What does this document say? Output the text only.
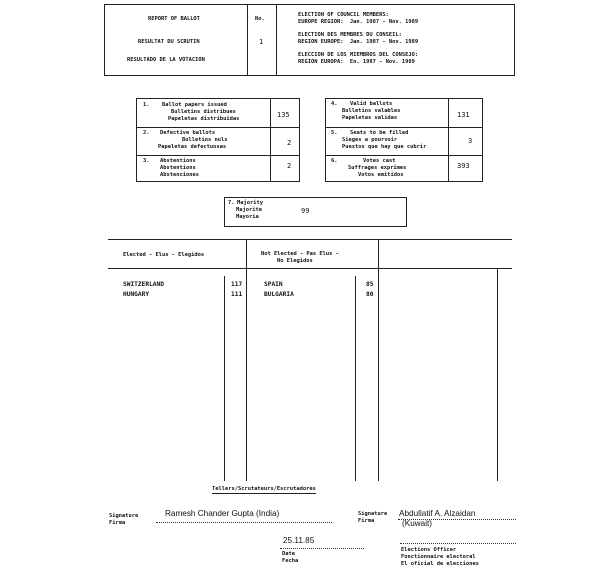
REPORT OF BALLOT
RESULTAT DU SCRUTIN
RESULTADO DE LA VOTACION
No.
1
ELECTION OF COUNCIL MEMBERS:
EUROPE REGION:  Jan. 1987 - Nov. 1989
ELECTION DES MEMBRES DU CONSEIL:
REGION EUROPE:  Jan. 1987 - Nov. 1989
ELECCION DE LOS MIEMBROS DEL CONSEJO:
REGION EUROPA:  En. 1987 - Nov. 1989
1. Ballot papers issued
Bulletins distribues
Papeletas distribuidas	135
2. Defective ballots
Bulletins nuls
Papeletas defectuosas	2
3. Abstentions
Abstentions
Abstenciones
2
4. Valid ballots
Bulletins valables
Papeletas validas	131
5. Seats to be filled
Sieges a pourvoir
Puestos que hay que cubrir
3
6.	Votes cast
Suffrages exprimes
Votos emitidos
393
7. Majority
Majorite
Mayoria
99
Elected - Elus - Elegidos	Not Elected - Pas Elus -
No Elegidos
SWITZERLAND	117
HUNGARY	111
SPAIN	85
BULGARIA	80
Tellers/Scrutateurs/Escrutadores
Signature
Firma
Ramesh Chander Gupta (India)	Signature
Firma
Abdullatif A. Alzaidan
(Kuwait)
25.11.85
Date
Fecha
Elections Officer
Fonctionnaire electoral
El oficial de elecciones
